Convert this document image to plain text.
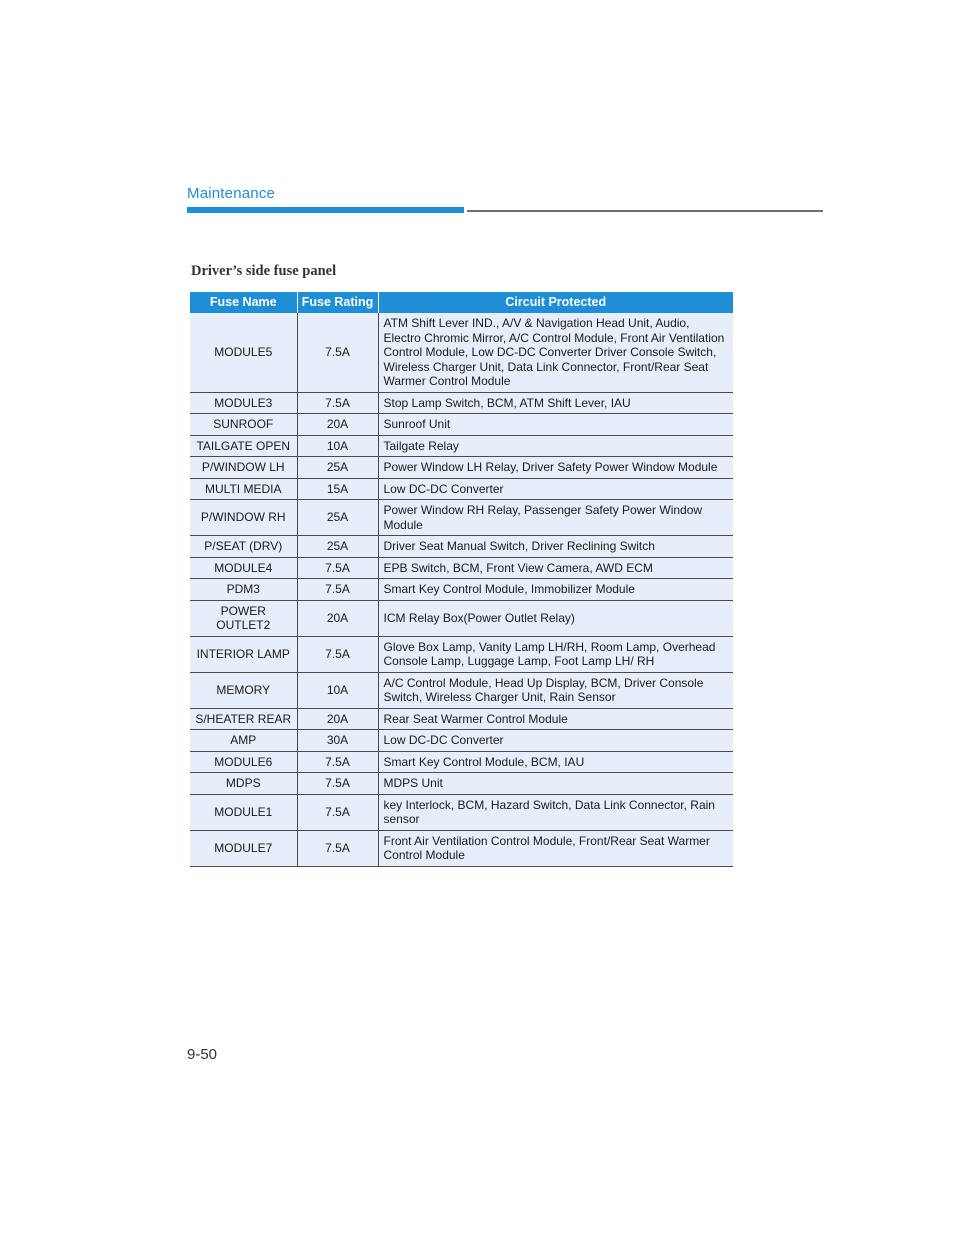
Maintenance
Driver’s side fuse panel
Fuse Name	Fuse Rating	Circuit Protected
MODULE5	7.5A	ATM Shift Lever IND., A/V & Navigation Head Unit, Audio, Electro Chromic Mirror, A/C Control Module, Front Air Ventilation Control Module, Low DC-DC Converter Driver Console Switch, Wireless Charger Unit, Data Link Connector, Front/Rear Seat Warmer Control Module
MODULE3	7.5A	Stop Lamp Switch, BCM, ATM Shift Lever, IAU
SUNROOF	20A	Sunroof Unit
TAILGATE OPEN	10A	Tailgate Relay
P/WINDOW LH	25A	Power Window LH Relay, Driver Safety Power Window Module
MULTI MEDIA	15A	Low DC-DC Converter
P/WINDOW RH	25A	Power Window RH Relay, Passenger Safety Power Window Module
P/SEAT (DRV)	25A	Driver Seat Manual Switch, Driver Reclining Switch
MODULE4	7.5A	EPB Switch, BCM, Front View Camera, AWD ECM
PDM3	7.5A	Smart Key Control Module, Immobilizer Module
POWER OUTLET2	20A	ICM Relay Box(Power Outlet Relay)
INTERIOR LAMP	7.5A	Glove Box Lamp, Vanity Lamp LH/RH, Room Lamp, Overhead Console Lamp, Luggage Lamp, Foot Lamp LH/ RH
MEMORY	10A	A/C Control Module, Head Up Display, BCM, Driver Console Switch, Wireless Charger Unit, Rain Sensor
S/HEATER REAR	20A	Rear Seat Warmer Control Module
AMP	30A	Low DC-DC Converter
MODULE6	7.5A	Smart Key Control Module, BCM, IAU
MDPS	7.5A	MDPS Unit
MODULE1	7.5A	key Interlock, BCM, Hazard Switch, Data Link Connector, Rain sensor
MODULE7	7.5A	Front Air Ventilation Control Module, Front/Rear Seat Warmer Control Module
9-50
